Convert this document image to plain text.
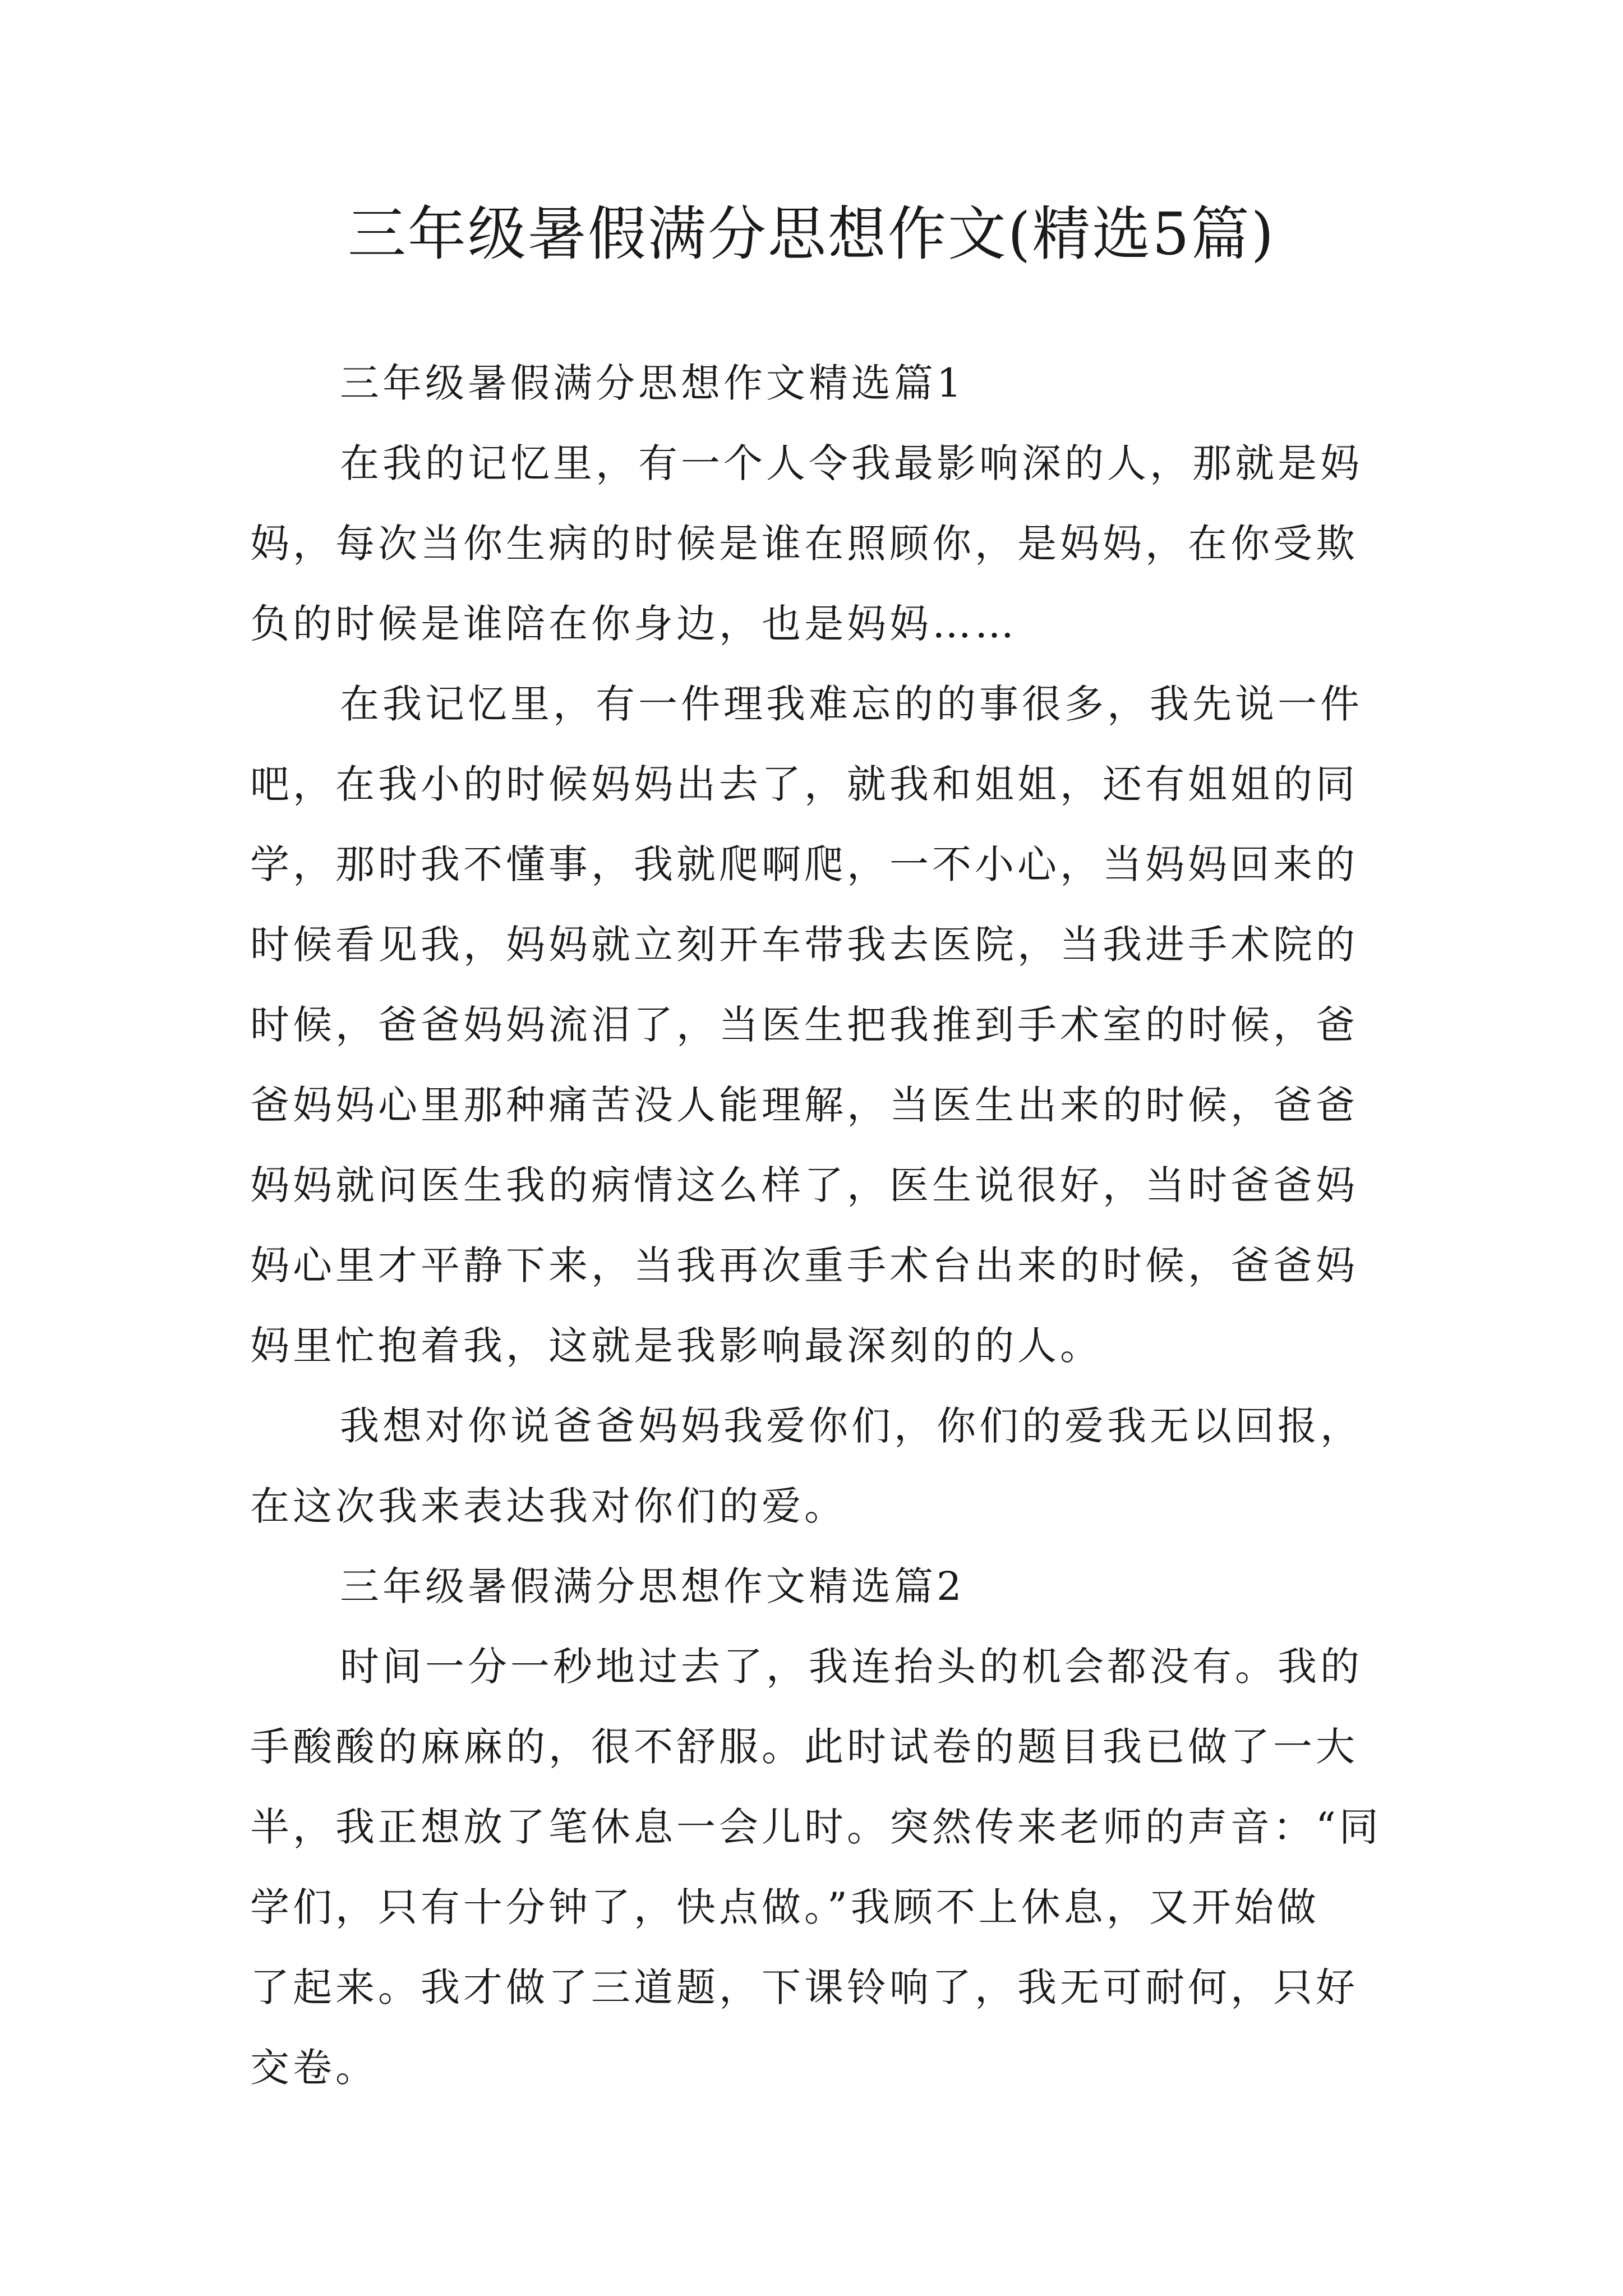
三年级暑假满分思想作文(精选5篇)
三年级暑假满分思想作文精选篇1
在我的记忆里，有一个人令我最影响深的人，那就是妈
妈，每次当你生病的时候是谁在照顾你，是妈妈，在你受欺
负的时候是谁陪在你身边，也是妈妈……
在我记忆里，有一件理我难忘的的事很多，我先说一件
吧，在我小的时候妈妈出去了，就我和姐姐，还有姐姐的同
学，那时我不懂事，我就爬啊爬，一不小心，当妈妈回来的
时候看见我，妈妈就立刻开车带我去医院，当我进手术院的
时候，爸爸妈妈流泪了，当医生把我推到手术室的时候，爸
爸妈妈心里那种痛苦没人能理解，当医生出来的时候，爸爸
妈妈就问医生我的病情这么样了，医生说很好，当时爸爸妈
妈心里才平静下来，当我再次重手术台出来的时候，爸爸妈
妈里忙抱着我，这就是我影响最深刻的的人。
我想对你说爸爸妈妈我爱你们，你们的爱我无以回报，
在这次我来表达我对你们的爱。
三年级暑假满分思想作文精选篇2
时间一分一秒地过去了，我连抬头的机会都没有。我的
手酸酸的麻麻的，很不舒服。此时试卷的题目我已做了一大
半，我正想放了笔休息一会儿时。突然传来老师的声音：“同
学们，只有十分钟了，快点做。”我顾不上休息，又开始做
了起来。我才做了三道题，下课铃响了，我无可耐何，只好
交卷。
